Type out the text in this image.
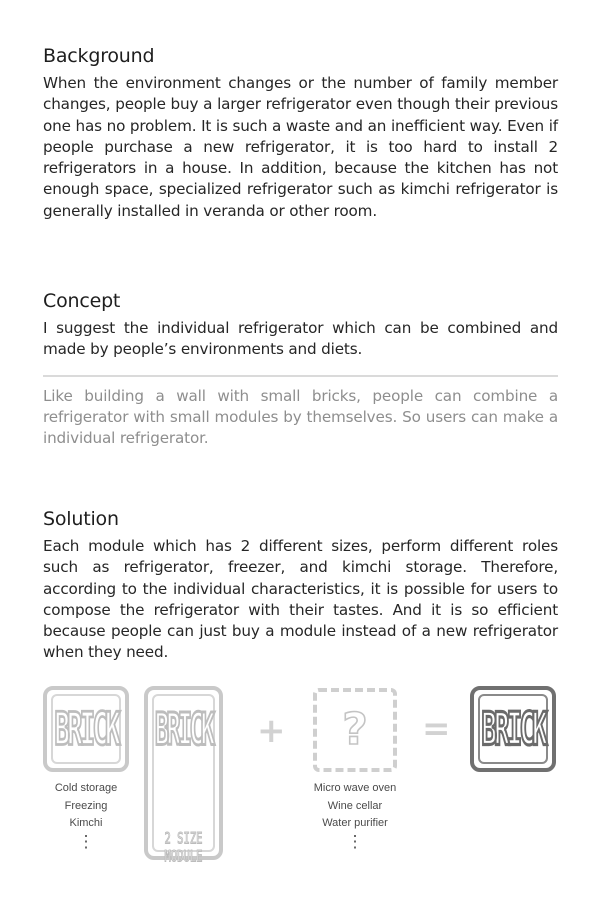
Background

When the environment changes or the number of family member changes, people buy a larger refrigerator even though their previous one has no problem. It is such a waste and an inefficient way. Even if people purchase a new refrigerator, it is too hard to install 2 refrigerators in a house. In addition, because the kitchen has not enough space, specialized refrigerator such as kimchi refrigerator is generally installed in veranda or other room.

Concept

I suggest the individual refrigerator which can be combined and made by people’s environments and diets.

Like building a wall with small bricks, people can combine a refrigerator with small modules by themselves. So users can make a individual refrigerator.

Solution

Each module which has 2 different sizes, perform different roles such as refrigerator, freezer, and kimchi storage. Therefore, according to the individual characteristics, it is possible for users to compose the refrigerator with their tastes. And it is so efficient because people can just buy a module instead of a new refrigerator when they need.

BRICK	BRICK
2 SIZE MODULE
+	?	= BRICK
Cold storage
Freezing
Kimchi
⋮
Micro wave oven
Wine cellar
Water purifier
⋮
